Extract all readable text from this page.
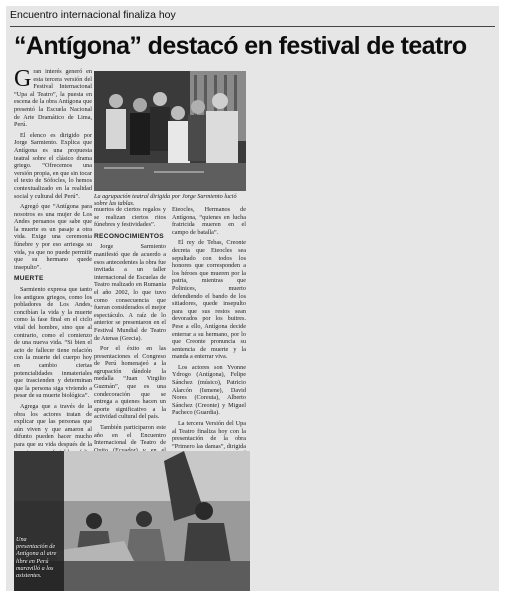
Encuentro internacional finaliza hoy
“Antígona” destacó en festival de teatro

Gran interés generó en esta tercera versión del Festival Internacional “Upa al Teatro”, la puesta en escena de la obra Antígona que presentó la Escuela Nacional de Arte Dramático de Lima, Perú.

El elenco es dirigido por Jorge Sarmiento. Explica que Antígona es una propuesta teatral sobre el clásico drama griego. “Ofrecemos una versión propia, en que sin tocar el texto de Sófocles, lo hemos contextualizado en la realidad social y cultural del Perú”.

Agregó que “Antígona para nosotros es una mujer de Los Andes peruanos que sabe que la muerte es un pasaje a otra vida. Exige una ceremonia fúnebre y por eso arriesga su vida, ya que no puede permitir que su hermano quede insepulto”.

MUERTE

Sarmiento expresa que tanto los antiguos griegos, como los pobladores de Los Andes, concibían la vida y la muerte como la fase final en el ciclo vital del hombre, sino que al contrario, como el comienzo de una nueva vida. “Si bien el acto de fallecer tiene relación con la muerte del cuerpo hoy en cambio ciertas potencialidades inmateriales que trascienden y determinan que la persona siga viviendo a pesar de su muerte biológica”.

Agrega que a través de la obra los actores tratan de explicar que las personas que aún viven y que amaron al difunto pueden hacer mucho para que su vida después de la

La agrupación teatral dirigida por Jorge Sarmiento lució sobre las tablas.

muertos de ciertos regalos y se realizan ciertos ritos fúnebres y festividades”.

RECONOCIMIENTOS

Jorge Sarmiento manifestó que de acuerdo a esos antecedentes la obra fue invitada a un taller internacional de Escuelas de Teatro realizado en Rumania el año 2002, lo que tuvo como consecuencia que fueran considerados el mejor espectáculo. A raíz de lo anterior se presentaron en el Festival Mundial de Teatro de Atenas (Grecia).

Por el éxito en las presentaciones el Congreso de Perú homenajeó a la agrupación dándole la medalla “Juan Virgilio Guzmán”, que es una condecoración que se entrega a quienes hacen un aporte significativo a la actividad cultural del país.

También participaron este año en el Encuentro Internacional de Teatro de

Eteocles, Hermanos de Antígona, “quienes en lucha fratricida mueren en el campo de batalla”.

El rey de Tebas, Creonte decreta que Eteocles sea sepultado con todos los honores que corresponden a los héroes que mueren por la patria, mientras que Polinices, muerto defendiendo el bando de los sitiadores, quede insepulto para que sus restos sean devorados por los buitres. Pese a ello, Antígona decide enterrar a su hermano, por lo que Creonte pronuncia su sentencia de muerte y la manda a enterrar viva.

Los actores son Yvonne Ydrogo (Antígona), Felipe Sánchez (músico), Patricio Alarcón (Ismene), David Nores (Coreuta), Alberto Sánchez (Creonte) y Miguel Pacheco (Guardia).

La tercera Versión del Upa al Teatro finaliza hoy con la presentación de la obra “Primero las damas”, dirigida

Una presentación de Antígona al aire libre en Perú maravilló a los asistentes.
